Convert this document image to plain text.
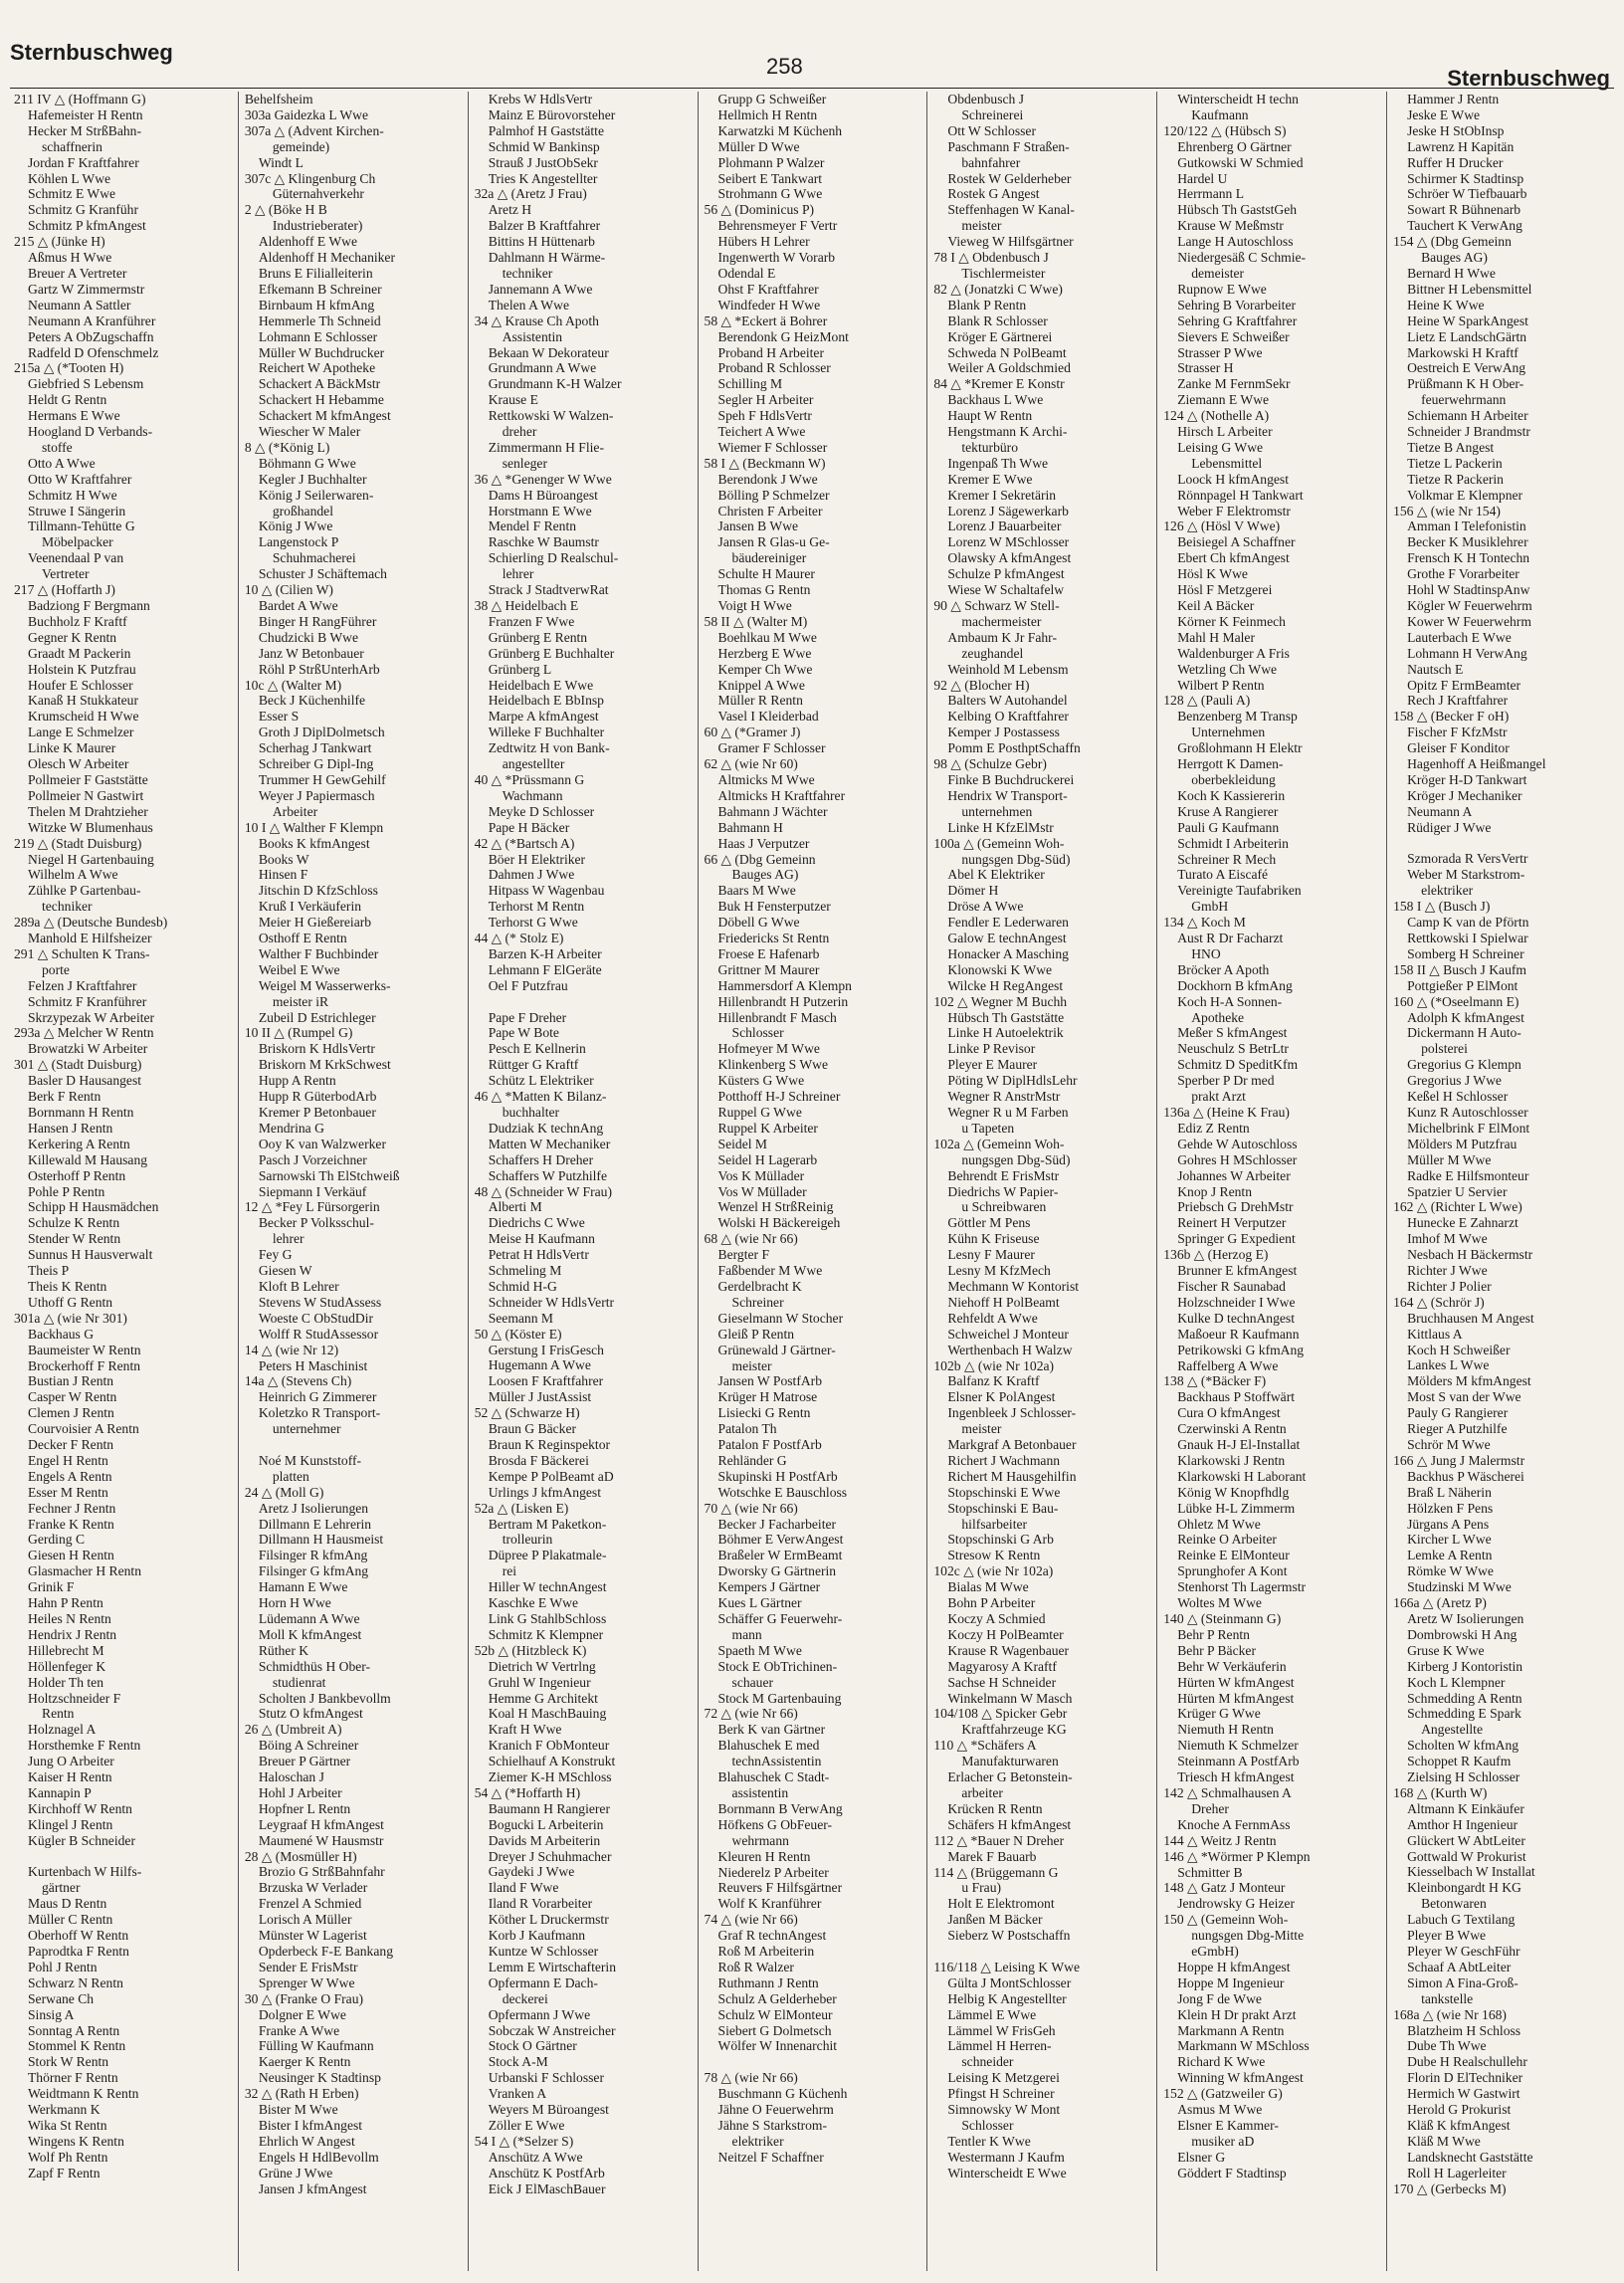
Sternbuschweg
258	Sternbuschweg
211 IV △ (Hoffmann G)
Hafemeister H Rentn
Hecker M StrßBahn-
schaffnerin
Jordan F Kraftfahrer
Köhlen L Wwe
Schmitz E Wwe
Schmitz G Kranführ
Schmitz P kfmAngest
215 △ (Jünke H)
Aßmus H Wwe
Breuer A Vertreter
Gartz W Zimmermstr
Neumann A Sattler
Neumann A Kranführer
Peters A ObZugschaffn
Radfeld D Ofenschmelz
215a △ (*Tooten H)
Giebfried S Lebensm
Heldt G Rentn
Hermans E Wwe
Hoogland D Verbands-
stoffe
Otto A Wwe
Otto W Kraftfahrer
Schmitz H Wwe
Struwe I Sängerin
Tillmann-Tehütte G
Möbelpacker
Veenendaal P van
Vertreter
217 △ (Hoffarth J)
Badziong F Bergmann
Buchholz F Kraftf
Gegner K Rentn
Graadt M Packerin
Holstein K Putzfrau
Houfer E Schlosser
Kanaß H Stukkateur
Krumscheid H Wwe
Lange E Schmelzer
Linke K Maurer
Olesch W Arbeiter
Pollmeier F Gaststätte
Pollmeier N Gastwirt
Thelen M Drahtzieher
Witzke W Blumenhaus
219 △ (Stadt Duisburg)
Niegel H Gartenbauing
Wilhelm A Wwe
Zühlke P Gartenbau-
techniker
289a △ (Deutsche Bundesb)
Manhold E Hilfsheizer
291 △ Schulten K Trans-
porte
Felzen J Kraftfahrer
Schmitz F Kranführer
Skrzypezak W Arbeiter
293a △ Melcher W Rentn
Browatzki W Arbeiter
301 △ (Stadt Duisburg)
Basler D Hausangest
Berk F Rentn
Bornmann H Rentn
Hansen J Rentn
Kerkering A Rentn
Killewald M Hausang
Osterhoff P Rentn
Pohle P Rentn
Schipp H Hausmädchen
Schulze K Rentn
Stender W Rentn
Sunnus H Hausverwalt
Theis P
Theis K Rentn
Uthoff G Rentn
301a △ (wie Nr 301)
Backhaus G
Baumeister W Rentn
Brockerhoff F Rentn
Bustian J Rentn
Casper W Rentn
Clemen J Rentn
Courvoisier A Rentn
Decker F Rentn
Engel H Rentn
Engels A Rentn
Esser M Rentn
Fechner J Rentn
Franke K Rentn
Gerding C
Giesen H Rentn
Glasmacher H Rentn
Grinik F
Hahn P Rentn
Heiles N Rentn
Hendrix J Rentn
Hillebrecht M
Höllenfeger K
Holder Th ten
Holtzschneider F
Rentn
Holznagel A
Horsthemke F Rentn
Jung O Arbeiter
Kaiser H Rentn
Kannapin P
Kirchhoff W Rentn
Klingel J Rentn
Kügler B Schneider
Kurtenbach W Hilfs-
gärtner
Maus D Rentn
Müller C Rentn
Oberhoff W Rentn
Paprodtka F Rentn
Pohl J Rentn
Schwarz N Rentn
Serwane Ch
Sinsig A
Sonntag A Rentn
Stommel K Rentn
Stork W Rentn
Thörner F Rentn
Weidtmann K Rentn
Werkmann K
Wika St Rentn
Wingens K Rentn
Wolf Ph Rentn
Zapf F Rentn
Behelfsheim
303a Gaidezka L Wwe
307a △ (Advent Kirchen-
gemeinde)
Windt L
307c △ Klingenburg Ch
Güternahverkehr
2 △ (Böke H B
Industrieberater)
Aldenhoff E Wwe
Aldenhoff H Mechaniker
Bruns E Filialleiterin
Efkemann B Schreiner
Birnbaum H kfmAng
Hemmerle Th Schneid
Lohmann E Schlosser
Müller W Buchdrucker
Reichert W Apotheke
Schackert A BäckMstr
Schackert H Hebamme
Schackert M kfmAngest
Wiescher W Maler
8 △ (*König L)
Böhmann G Wwe
Kegler J Buchhalter
König J Seilerwaren-
großhandel
König J Wwe
Langenstock P
Schuhmacherei
Schuster J Schäftemach
10 △ (Cilien W)
Bardet A Wwe
Binger H RangFührer
Chudzicki B Wwe
Janz W Betonbauer
Röhl P StrßUnterhArb
10c △ (Walter M)
Beck J Küchenhilfe
Esser S
Groth J DiplDolmetsch
Scherhag J Tankwart
Schreiber G Dipl-Ing
Trummer H GewGehilf
Weyer J Papiermasch
Arbeiter
10 I △ Walther F Klempn
Books K kfmAngest
Books W
Hinsen F
Jitschin D KfzSchloss
Kruß I Verkäuferin
Meier H Gießereiarb
Osthoff E Rentn
Walther F Buchbinder
Weibel E Wwe
Weigel M Wasserwerks-
meister iR
Zubeil D Estrichleger
10 II △ (Rumpel G)
Briskorn K HdlsVertr
Briskorn M KrkSchwest
Hupp A Rentn
Hupp R GüterbodArb
Kremer P Betonbauer
Mendrina G
Ooy K van Walzwerker
Pasch J Vorzeichner
Sarnowski Th ElStchweiß
Siepmann I Verkäuf
12 △ *Fey L Fürsorgerin
Becker P Volksschul-
lehrer
Fey G
Giesen W
Kloft B Lehrer
Stevens W StudAssess
Woeste C ObStudDir
Wolff R StudAssessor
14 △ (wie Nr 12)
Peters H Maschinist
14a △ (Stevens Ch)
Heinrich G Zimmerer
Koletzko R Transport-
unternehmer
Noé M Kunststoff-
platten
24 △ (Moll G)
Aretz J Isolierungen
Dillmann E Lehrerin
Dillmann H Hausmeist
Filsinger R kfmAng
Filsinger G kfmAng
Hamann E Wwe
Horn H Wwe
Lüdemann A Wwe
Moll K kfmAngest
Rüther K
Schmidthüs H Ober-
studienrat
Scholten J Bankbevollm
Stutz O kfmAngest
26 △ (Umbreit A)
Böing A Schreiner
Breuer P Gärtner
Haloschan J
Hohl J Arbeiter
Hopfner L Rentn
Leygraaf H kfmAngest
Maumené W Hausmstr
28 △ (Mosmüller H)
Brozio G StrßBahnfahr
Brzuska W Verlader
Frenzel A Schmied
Lorisch A Müller
Münster W Lagerist
Opderbeck F-E Bankang
Sender E FrisMstr
Sprenger W Wwe
30 △ (Franke O Frau)
Dolgner E Wwe
Franke A Wwe
Fülling W Kaufmann
Kaerger K Rentn
Neusinger K Stadtinsp
32 △ (Rath H Erben)
Bister M Wwe
Bister I kfmAngest
Ehrlich W Angest
Engels H HdlBevollm
Grüne J Wwe
Jansen J kfmAngest
Krebs W HdlsVertr
Mainz E Bürovorsteher
Palmhof H Gaststätte
Schmid W Bankinsp
Strauß J JustObSekr
Tries K Angestellter
32a △ (Aretz J Frau)
Aretz H
Balzer B Kraftfahrer
Bittins H Hüttenarb
Dahlmann H Wärme-
techniker
Jannemann A Wwe
Thelen A Wwe
34 △ Krause Ch Apoth
Assistentin
Bekaan W Dekorateur
Grundmann A Wwe
Grundmann K-H Walzer
Krause E
Rettkowski W Walzen-
dreher
Zimmermann H Flie-
senleger
36 △ *Genenger W Wwe
Dams H Büroangest
Horstmann E Wwe
Mendel F Rentn
Raschke W Baumstr
Schierling D Realschul-
lehrer
Strack J StadtverwRat
38 △ Heidelbach E
Franzen F Wwe
Grünberg E Rentn
Grünberg E Buchhalter
Grünberg L
Heidelbach E Wwe
Heidelbach E BbInsp
Marpe A kfmAngest
Willeke F Buchhalter
Zedtwitz H von Bank-
angestellter
40 △ *Prüssmann G
Wachmann
Meyke D Schlosser
Pape H Bäcker
42 △ (*Bartsch A)
Böer H Elektriker
Dahmen J Wwe
Hitpass W Wagenbau
Terhorst M Rentn
Terhorst G Wwe
44 △ (* Stolz E)
Barzen K-H Arbeiter
Lehmann F ElGeräte
Oel F Putzfrau
Pape F Dreher
Pape W Bote
Pesch E Kellnerin
Rüttger G Kraftf
Schütz L Elektriker
46 △ *Matten K Bilanz-
buchhalter
Dudziak K technAng
Matten W Mechaniker
Schaffers H Dreher
Schaffers W Putzhilfe
48 △ (Schneider W Frau)
Alberti M
Diedrichs C Wwe
Meise H Kaufmann
Petrat H HdlsVertr
Schmeling M
Schmid H-G
Schneider W HdlsVertr
Seemann M
50 △ (Köster E)
Gerstung I FrisGesch
Hugemann A Wwe
Loosen F Kraftfahrer
Müller J JustAssist
52 △ (Schwarze H)
Braun G Bäcker
Braun K Reginspektor
Brosda F Bäckerei
Kempe P PolBeamt aD
Urlings J kfmAngest
52a △ (Lisken E)
Bertram M Paketkon-
trolleurin
Düpree P Plakatmale-
rei
Hiller W technAngest
Kaschke E Wwe
Link G StahlbSchloss
Schmitz K Klempner
52b △ (Hitzbleck K)
Dietrich W Vertrlng
Gruhl W Ingenieur
Hemme G Architekt
Koal H MaschBauing
Kraft H Wwe
Kranich F ObMonteur
Schielhauf A Konstrukt
Ziemer K-H MSchloss
54 △ (*Hoffarth H)
Baumann H Rangierer
Bogucki L Arbeiterin
Davids M Arbeiterin
Dreyer J Schuhmacher
Gaydeki J Wwe
Iland F Wwe
Iland R Vorarbeiter
Köther L Druckermstr
Korb J Kaufmann
Kuntze W Schlosser
Lemm E Wirtschafterin
Opfermann E Dach-
deckerei
Opfermann J Wwe
Sobczak W Anstreicher
Stock O Gärtner
Stock A-M
Urbanski F Schlosser
Vranken A
Weyers M Büroangest
Zöller E Wwe
54 I △ (*Selzer S)
Anschütz A Wwe
Anschütz K PostfArb
Eick J ElMaschBauer
Grupp G Schweißer
Hellmich H Rentn
Karwatzki M Küchenh
Müller D Wwe
Plohmann P Walzer
Seibert E Tankwart
Strohmann G Wwe
56 △ (Dominicus P)
Behrensmeyer F Vertr
Hübers H Lehrer
Ingenwerth W Vorarb
Odendal E
Ohst F Kraftfahrer
Windfeder H Wwe
58 △ *Eckert ä Bohrer
Berendonk G HeizMont
Proband H Arbeiter
Proband R Schlosser
Schilling M
Segler H Arbeiter
Speh F HdlsVertr
Teichert A Wwe
Wiemer F Schlosser
58 I △ (Beckmann W)
Berendonk J Wwe
Bölling P Schmelzer
Christen F Arbeiter
Jansen B Wwe
Jansen R Glas-u Ge-
bäudereiniger
Schulte H Maurer
Thomas G Rentn
Voigt H Wwe
58 II △ (Walter M)
Boehlkau M Wwe
Herzberg E Wwe
Kemper Ch Wwe
Knippel A Wwe
Müller R Rentn
Vasel I Kleiderbad
60 △ (*Gramer J)
Gramer F Schlosser
62 △ (wie Nr 60)
Altmicks M Wwe
Altmicks H Kraftfahrer
Bahmann J Wächter
Bahmann H
Haas J Verputzer
66 △ (Dbg Gemeinn
Bauges AG)
Baars M Wwe
Buk H Fensterputzer
Döbell G Wwe
Friedericks St Rentn
Froese E Hafenarb
Grittner M Maurer
Hammersdorf A Klempn
Hillenbrandt H Putzerin
Hillenbrandt F Masch
Schlosser
Hofmeyer M Wwe
Klinkenberg S Wwe
Küsters G Wwe
Potthoff H-J Schreiner
Ruppel G Wwe
Ruppel K Arbeiter
Seidel M
Seidel H Lagerarb
Vos K Müllader
Vos W Müllader
Wenzel H StrßReinig
Wolski H Bäckereigeh
68 △ (wie Nr 66)
Bergter F
Faßbender M Wwe
Gerdelbracht K
Schreiner
Gieselmann W Stocher
Gleiß P Rentn
Grünewald J Gärtner-
meister
Jansen W PostfArb
Krüger H Matrose
Lisiecki G Rentn
Patalon Th
Patalon F PostfArb
Rehländer G
Skupinski H PostfArb
Wotschke E Bauschloss
70 △ (wie Nr 66)
Becker J Facharbeiter
Böhmer E VerwAngest
Braßeler W ErmBeamt
Dworsky G Gärtnerin
Kempers J Gärtner
Kues L Gärtner
Schäffer G Feuerwehr-
mann
Spaeth M Wwe
Stock E ObTrichinen-
schauer
Stock M Gartenbauing
72 △ (wie Nr 66)
Berk K van Gärtner
Blahuschek E med
technAssistentin
Blahuschek C Stadt-
assistentin
Bornmann B VerwAng
Höfkens G ObFeuer-
wehrmann
Kleuren H Rentn
Niederelz P Arbeiter
Reuvers F Hilfsgärtner
Wolf K Kranführer
74 △ (wie Nr 66)
Graf R technAngest
Roß M Arbeiterin
Roß R Walzer
Ruthmann J Rentn
Schulz A Gelderheber
Schulz W ElMonteur
Siebert G Dolmetsch
Wölfer W Innenarchit
78 △ (wie Nr 66)
Buschmann G Küchenh
Jähne O Feuerwehrm
Jähne S Starkstrom-
elektriker
Neitzel F Schaffner
Obdenbusch J
Schreinerei
Ott W Schlosser
Paschmann F Straßen-
bahnfahrer
Rostek W Gelderheber
Rostek G Angest
Steffenhagen W Kanal-
meister
Vieweg W Hilfsgärtner
78 I △ Obdenbusch J
Tischlermeister
82 △ (Jonatzki C Wwe)
Blank P Rentn
Blank R Schlosser
Kröger E Gärtnerei
Schweda N PolBeamt
Weiler A Goldschmied
84 △ *Kremer E Konstr
Backhaus L Wwe
Haupt W Rentn
Hengstmann K Archi-
tekturbüro
Ingenpaß Th Wwe
Kremer E Wwe
Kremer I Sekretärin
Lorenz J Sägewerkarb
Lorenz J Bauarbeiter
Lorenz W MSchlosser
Olawsky A kfmAngest
Schulze P kfmAngest
Wiese W Schaltafelw
90 △ Schwarz W Stell-
machermeister
Ambaum K Jr Fahr-
zeughandel
Weinhold M Lebensm
92 △ (Blocher H)
Balters W Autohandel
Kelbing O Kraftfahrer
Kemper J Postassess
Pomm E PosthptSchaffn
98 △ (Schulze Gebr)
Finke B Buchdruckerei
Hendrix W Transport-
unternehmen
Linke H KfzElMstr
100a △ (Gemeinn Woh-
nungsgen Dbg-Süd)
Abel K Elektriker
Dömer H
Dröse A Wwe
Fendler E Lederwaren
Galow E technAngest
Honacker A Masching
Klonowski K Wwe
Wilcke H RegAngest
102 △ Wegner M Buchh
Hübsch Th Gaststätte
Linke H Autoelektrik
Linke P Revisor
Pleyer E Maurer
Pöting W DiplHdlsLehr
Wegner R AnstrMstr
Wegner R u M Farben
u Tapeten
102a △ (Gemeinn Woh-
nungsgen Dbg-Süd)
Behrendt E FrisMstr
Diedrichs W Papier-
u Schreibwaren
Göttler M Pens
Kühn K Friseuse
Lesny F Maurer
Lesny M KfzMech
Mechmann W Kontorist
Niehoff H PolBeamt
Rehfeldt A Wwe
Schweichel J Monteur
Werthenbach H Walzw
102b △ (wie Nr 102a)
Balfanz K Kraftf
Elsner K PolAngest
Ingenbleek J Schlosser-
meister
Markgraf A Betonbauer
Richert J Wachmann
Richert M Hausgehilfin
Stopschinski E Wwe
Stopschinski E Bau-
hilfsarbeiter
Stopschinski G Arb
Stresow K Rentn
102c △ (wie Nr 102a)
Bialas M Wwe
Bohn P Arbeiter
Koczy A Schmied
Koczy H PolBeamter
Krause R Wagenbauer
Magyarosy A Kraftf
Sachse H Schneider
Winkelmann W Masch
104/108 △ Spicker Gebr
Kraftfahrzeuge KG
110 △ *Schäfers A
Manufakturwaren
Erlacher G Betonstein-
arbeiter
Krücken R Rentn
Schäfers H kfmAngest
112 △ *Bauer N Dreher
Marek F Bauarb
114 △ (Brüggemann G
u Frau)
Holt E Elektromont
Janßen M Bäcker
Sieberz W Postschaffn
116/118 △ Leising K Wwe
Gülta J MontSchlosser
Helbig K Angestellter
Lämmel E Wwe
Lämmel W FrisGeh
Lämmel H Herren-
schneider
Leising K Metzgerei
Pfingst H Schreiner
Simnowsky W Mont
Schlosser
Tentler K Wwe
Westermann J Kaufm
Winterscheidt E Wwe
Winterscheidt H techn
Kaufmann
120/122 △ (Hübsch S)
Ehrenberg O Gärtner
Gutkowski W Schmied
Hardel U
Herrmann L
Hübsch Th GaststGeh
Krause W Meßmstr
Lange H Autoschloss
Niedergesäß C Schmie-
demeister
Rupnow E Wwe
Sehring B Vorarbeiter
Sehring G Kraftfahrer
Sievers E Schweißer
Strasser P Wwe
Strasser H
Zanke M FernmSekr
Ziemann E Wwe
124 △ (Nothelle A)
Hirsch L Arbeiter
Leising G Wwe
Lebensmittel
Loock H kfmAngest
Rönnpagel H Tankwart
Weber F Elektromstr
126 △ (Hösl V Wwe)
Beisiegel A Schaffner
Ebert Ch kfmAngest
Hösl K Wwe
Hösl F Metzgerei
Keil A Bäcker
Körner K Feinmech
Mahl H Maler
Waldenburger A Fris
Wetzling Ch Wwe
Wilbert P Rentn
128 △ (Pauli A)
Benzenberg M Transp
Unternehmen
Großlohmann H Elektr
Herrgott K Damen-
oberbekleidung
Koch K Kassiererin
Kruse A Rangierer
Pauli G Kaufmann
Schmidt I Arbeiterin
Schreiner R Mech
Turato A Eiscafé
Vereinigte Taufabriken
GmbH
134 △ Koch M
Aust R Dr Facharzt
HNO
Bröcker A Apoth
Dockhorn B kfmAng
Koch H-A Sonnen-
Apotheke
Meßer S kfmAngest
Neuschulz S BetrLtr
Schmitz D SpeditKfm
Sperber P Dr med
prakt Arzt
136a △ (Heine K Frau)
Ediz Z Rentn
Gehde W Autoschloss
Gohres H MSchlosser
Johannes W Arbeiter
Knop J Rentn
Priebsch G DrehMstr
Reinert H Verputzer
Springer G Expedient
136b △ (Herzog E)
Brunner E kfmAngest
Fischer R Saunabad
Holzschneider I Wwe
Kulke D technAngest
Maßoeur R Kaufmann
Petrikowski G kfmAng
Raffelberg A Wwe
138 △ (*Bäcker F)
Backhaus P Stoffwärt
Cura O kfmAngest
Czerwinski A Rentn
Gnauk H-J El-Installat
Klarkowski J Rentn
Klarkowski H Laborant
König W Knopfhdlg
Lübke H-L Zimmerm
Ohletz M Wwe
Reinke O Arbeiter
Reinke E ElMonteur
Sprunghofer A Kont
Stenhorst Th Lagermstr
Woltes M Wwe
140 △ (Steinmann G)
Behr P Rentn
Behr P Bäcker
Behr W Verkäuferin
Hürten W kfmAngest
Hürten M kfmAngest
Krüger G Wwe
Niemuth H Rentn
Niemuth K Schmelzer
Steinmann A PostfArb
Triesch H kfmAngest
142 △ Schmalhausen A
Dreher
Knoche A FernmAss
144 △ Weitz J Rentn
146 △ *Wörmer P Klempn
Schmitter B
148 △ Gatz J Monteur
Jendrowsky G Heizer
150 △ (Gemeinn Woh-
nungsgen Dbg-Mitte
eGmbH)
Hoppe H kfmAngest
Hoppe M Ingenieur
Jong F de Wwe
Klein H Dr prakt Arzt
Markmann A Rentn
Markmann W MSchloss
Richard K Wwe
Winning W kfmAngest
152 △ (Gatzweiler G)
Asmus M Wwe
Elsner E Kammer-
musiker aD
Elsner G
Göddert F Stadtinsp
Hammer J Rentn
Jeske E Wwe
Jeske H StObInsp
Lawrenz H Kapitän
Ruffer H Drucker
Schirmer K Stadtinsp
Schröer W Tiefbauarb
Sowart R Bühnenarb
Tauchert K VerwAng
154 △ (Dbg Gemeinn
Bauges AG)
Bernard H Wwe
Bittner H Lebensmittel
Heine K Wwe
Heine W SparkAngest
Lietz E LandschGärtn
Markowski H Kraftf
Oestreich E VerwAng
Prüßmann K H Ober-
feuerwehrmann
Schiemann H Arbeiter
Schneider J Brandmstr
Tietze B Angest
Tietze L Packerin
Tietze R Packerin
Volkmar E Klempner
156 △ (wie Nr 154)
Amman I Telefonistin
Becker K Musiklehrer
Frensch K H Tontechn
Grothe F Vorarbeiter
Hohl W StadtinspAnw
Kögler W Feuerwehrm
Kower W Feuerwehrm
Lauterbach E Wwe
Lohmann H VerwAng
Nautsch E
Opitz F ErmBeamter
Rech J Kraftfahrer
158 △ (Becker F oH)
Fischer F KfzMstr
Gleiser F Konditor
Hagenhoff A Heißmangel
Kröger H-D Tankwart
Kröger J Mechaniker
Neumann A
Rüdiger J Wwe
Szmorada R VersVertr
Weber M Starkstrom-
elektriker
158 I △ (Busch J)
Camp K van de Pförtn
Rettkowski I Spielwar
Somberg H Schreiner
158 II △ Busch J Kaufm
Pottgießer P ElMont
160 △ (*Oseelmann E)
Adolph K kfmAngest
Dickermann H Auto-
polsterei
Gregorius G Klempn
Gregorius J Wwe
Keßel H Schlosser
Kunz R Autoschlosser
Michelbrink F ElMont
Mölders M Putzfrau
Müller M Wwe
Radke E Hilfsmonteur
Spatzier U Servier
162 △ (Richter L Wwe)
Hunecke E Zahnarzt
Imhof M Wwe
Nesbach H Bäckermstr
Richter J Wwe
Richter J Polier
164 △ (Schrör J)
Bruchhausen M Angest
Kittlaus A
Koch H Schweißer
Lankes L Wwe
Mölders M kfmAngest
Most S van der Wwe
Pauly G Rangierer
Rieger A Putzhilfe
Schrör M Wwe
166 △ Jung J Malermstr
Backhus P Wäscherei
Braß L Näherin
Hölzken F Pens
Jürgans A Pens
Kircher L Wwe
Lemke A Rentn
Römke W Wwe
Studzinski M Wwe
166a △ (Aretz P)
Aretz W Isolierungen
Dombrowski H Ang
Gruse K Wwe
Kirberg J Kontoristin
Koch L Klempner
Schmedding A Rentn
Schmedding E Spark
Angestellte
Scholten W kfmAng
Schoppet R Kaufm
Zielsing H Schlosser
168 △ (Kurth W)
Altmann K Einkäufer
Amthor H Ingenieur
Glückert W AbtLeiter
Gottwald W Prokurist
Kiesselbach W Installat
Kleinbongardt H KG
Betonwaren
Labuch G Textilang
Pleyer B Wwe
Pleyer W GeschFühr
Schaaf A AbtLeiter
Simon A Fina-Groß-
tankstelle
168a △ (wie Nr 168)
Blatzheim H Schloss
Dube Th Wwe
Dube H Realschullehr
Florin D ElTechniker
Hermich W Gastwirt
Herold G Prokurist
Kläß K kfmAngest
Kläß M Wwe
Landsknecht Gaststätte
Roll H Lagerleiter
170 △ (Gerbecks M)
